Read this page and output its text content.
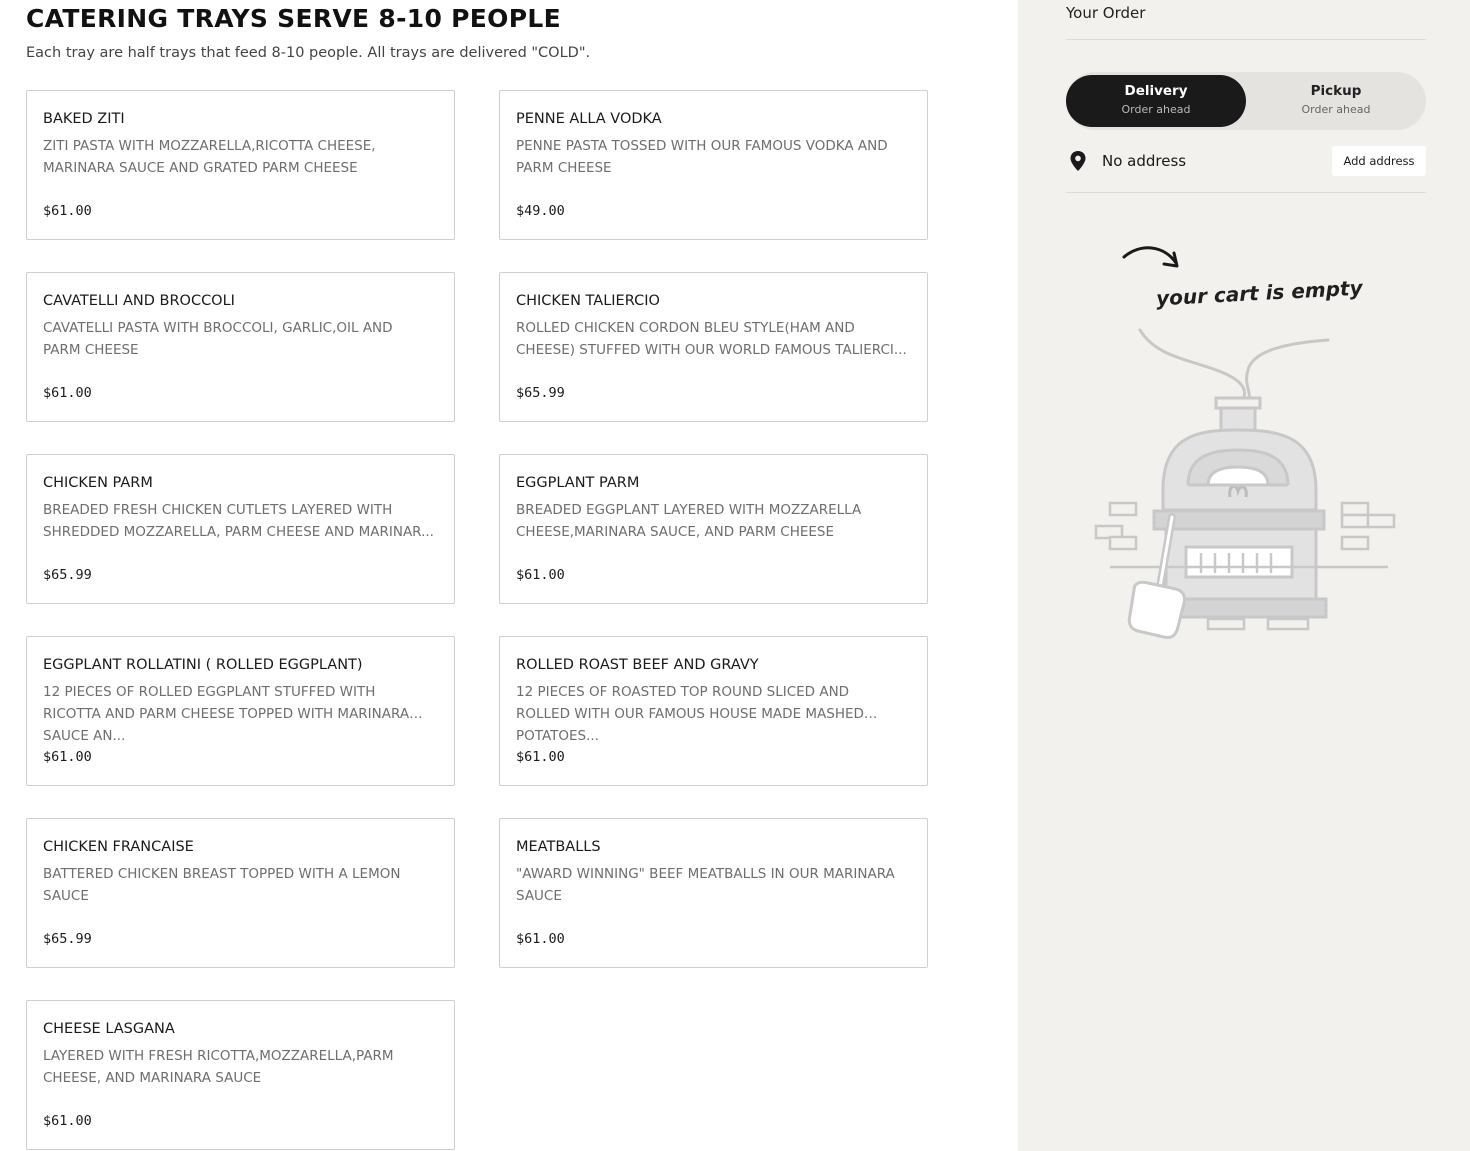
CATERING TRAYS SERVE 8-10 PEOPLE

Each tray are half trays that feed 8-10 people. All trays are delivered "COLD".

BAKED ZITI
ZITI PASTA WITH MOZZARELLA,RICOTTA CHEESE, MARINARA SAUCE AND GRATED PARM CHEESE
$61.00
PENNE ALLA VODKA
PENNE PASTA TOSSED WITH OUR FAMOUS VODKA AND PARM CHEESE
$49.00
CAVATELLI AND BROCCOLI
CAVATELLI PASTA WITH BROCCOLI, GARLIC,OIL AND PARM CHEESE
$61.00
CHICKEN TALIERCIO
ROLLED CHICKEN CORDON BLEU STYLE(HAM AND CHEESE) STUFFED WITH OUR WORLD FAMOUS TALIERCI...
$65.99
CHICKEN PARM
BREADED FRESH CHICKEN CUTLETS LAYERED WITH SHREDDED MOZZARELLA, PARM CHEESE AND MARINAR...
$65.99
EGGPLANT PARM
BREADED EGGPLANT LAYERED WITH MOZZARELLA CHEESE,MARINARA SAUCE, AND PARM CHEESE
$61.00
EGGPLANT ROLLATINI ( ROLLED EGGPLANT)
12 PIECES OF ROLLED EGGPLANT STUFFED WITH RICOTTA AND PARM CHEESE TOPPED WITH MARINARA SAUCE AN...
$61.00
ROLLED ROAST BEEF AND GRAVY
12 PIECES OF ROASTED TOP ROUND SLICED AND ROLLED WITH OUR FAMOUS HOUSE MADE MASHED POTATOES...
$61.00
CHICKEN FRANCAISE
BATTERED CHICKEN BREAST TOPPED WITH A LEMON SAUCE
$65.99
MEATBALLS
"AWARD WINNING" BEEF MEATBALLS IN OUR MARINARA SAUCE
$61.00
CHEESE LASGANA
LAYERED WITH FRESH RICOTTA,MOZZARELLA,PARM CHEESE, AND MARINARA SAUCE
$61.00
Your Order
Delivery
Order ahead
Pickup
Order ahead
No address	Add address
your cart is empty
